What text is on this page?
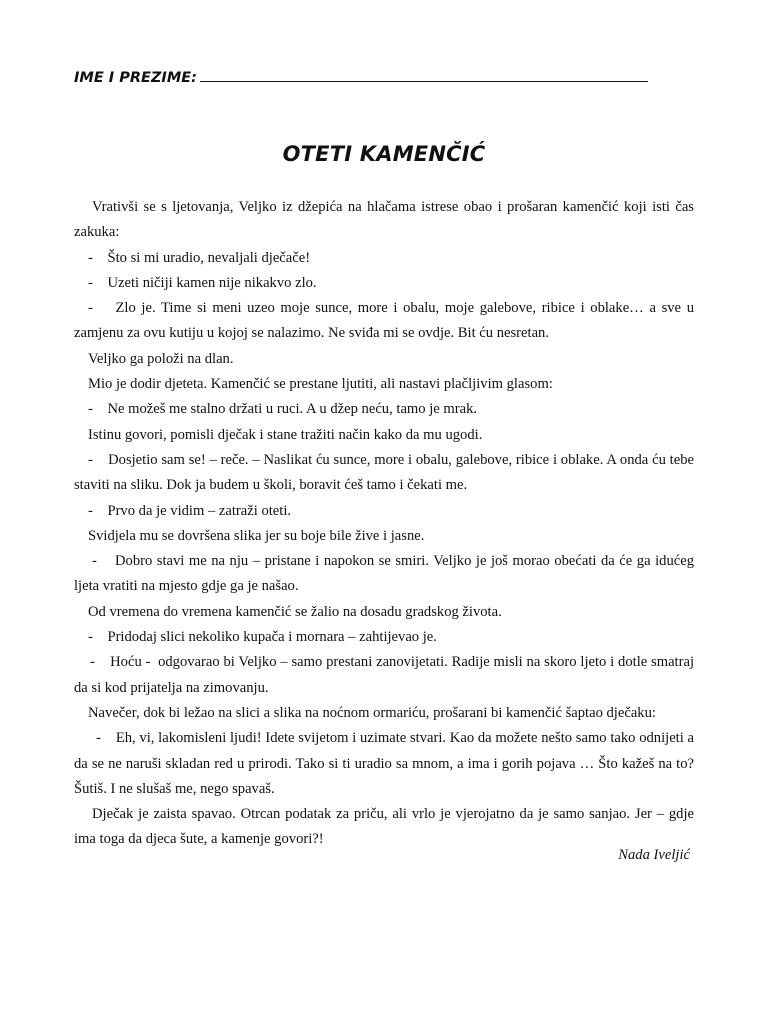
IME I PREZIME:
OTETI KAMENČIĆ

Vrativši se s ljetovanja, Veljko iz džepića na hlačama istrese obao i prošaran kamenčić koji isti čas zakuka:

-    Što si mi uradio, nevaljali dječače!

-    Uzeti ničiji kamen nije nikakvo zlo.

-    Zlo je. Time si meni uzeo moje sunce, more i obalu, moje galebove, ribice i oblake… a sve u zamjenu za ovu kutiju u kojoj se nalazimo. Ne sviđa mi se ovdje. Bit ću nesretan.

Veljko ga položi na dlan.

Mio je dodir djeteta. Kamenčić se prestane ljutiti, ali nastavi plačljivim glasom:

-    Ne možeš me stalno držati u ruci. A u džep neću, tamo je mrak.

Istinu govori, pomisli dječak i stane tražiti način kako da mu ugodi.

-    Dosjetio sam se! – reče. – Naslikat ću sunce, more i obalu, galebove, ribice i oblake. A onda ću tebe staviti na sliku. Dok ja budem u školi, boravit ćeš tamo i čekati me.

-    Prvo da je vidim – zatraži oteti.

Svidjela mu se dovršena slika jer su boje bile žive i jasne.

-    Dobro stavi me na nju – pristane i napokon se smiri. Veljko je još morao obećati da će ga idućeg ljeta vratiti na mjesto gdje ga je našao.

Od vremena do vremena kamenčić se žalio na dosadu gradskog života.

-    Pridodaj slici nekoliko kupača i mornara – zahtijevao je.

-    Hoću -  odgovarao bi Veljko – samo prestani zanovijetati. Radije misli na skoro ljeto i dotle smatraj da si kod prijatelja na zimovanju.

Navečer, dok bi ležao na slici a slika na noćnom ormariću, prošarani bi kamenčić šaptao dječaku:

-    Eh, vi, lakomisleni ljudi! Idete svijetom i uzimate stvari. Kao da možete nešto samo tako odnijeti a da se ne naruši skladan red u prirodi. Tako si ti uradio sa mnom, a ima i gorih pojava … Što kažeš na to? Šutiš. I ne slušaš me, nego spavaš.

Dječak je zaista spavao. Otrcan podatak za priču, ali vrlo je vjerojatno da je samo sanjao. Jer – gdje ima toga da djeca šute, a kamenje govori?!

Nada Iveljić
